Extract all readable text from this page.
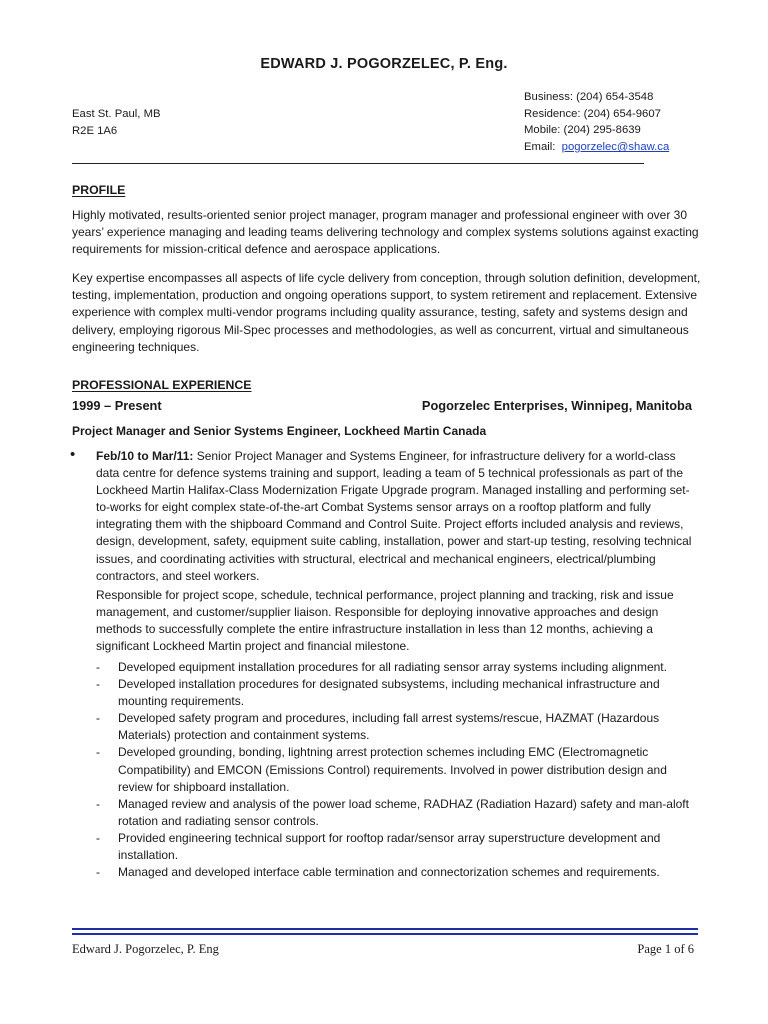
EDWARD J. POGORZELEC, P. Eng.
East St. Paul, MB
R2E 1A6
Business: (204) 654-3548
Residence: (204) 654-9607
Mobile: (204) 295-8639
Email:  pogorzelec@shaw.ca
PROFILE
Highly motivated, results-oriented senior project manager, program manager and professional engineer with over 30 years’ experience managing and leading teams delivering technology and complex systems solutions against exacting requirements for mission-critical defence and aerospace applications.
Key expertise encompasses all aspects of life cycle delivery from conception, through solution definition, development, testing, implementation, production and ongoing operations support, to system retirement and replacement. Extensive experience with complex multi-vendor programs including quality assurance, testing, safety and systems design and delivery, employing rigorous Mil-Spec processes and methodologies, as well as concurrent, virtual and simultaneous engineering techniques.
PROFESSIONAL EXPERIENCE
1999 – Present	Pogorzelec Enterprises, Winnipeg, Manitoba
Project Manager and Senior Systems Engineer, Lockheed Martin Canada
• Feb/10 to Mar/11: Senior Project Manager and Systems Engineer, for infrastructure delivery for a world-class data centre for defence systems training and support, leading a team of 5 technical professionals as part of the Lockheed Martin Halifax-Class Modernization Frigate Upgrade program. Managed installing and performing set-to-works for eight complex state-of-the-art Combat Systems sensor arrays on a rooftop platform and fully integrating them with the shipboard Command and Control Suite. Project efforts included analysis and reviews, design, development, safety, equipment suite cabling, installation, power and start-up testing, resolving technical issues, and coordinating activities with structural, electrical and mechanical engineers, electrical/plumbing contractors, and steel workers.
Responsible for project scope, schedule, technical performance, project planning and tracking, risk and issue management, and customer/supplier liaison. Responsible for deploying innovative approaches and design methods to successfully complete the entire infrastructure installation in less than 12 months, achieving a significant Lockheed Martin project and financial milestone.
- Developed equipment installation procedures for all radiating sensor array systems including alignment.
- Developed installation procedures for designated subsystems, including mechanical infrastructure and mounting requirements.
- Developed safety program and procedures, including fall arrest systems/rescue, HAZMAT (Hazardous Materials) protection and containment systems.
- Developed grounding, bonding, lightning arrest protection schemes including EMC (Electromagnetic Compatibility) and EMCON (Emissions Control) requirements. Involved in power distribution design and review for shipboard installation.
- Managed review and analysis of the power load scheme, RADHAZ (Radiation Hazard) safety and man-aloft rotation and radiating sensor controls.
- Provided engineering technical support for rooftop radar/sensor array superstructure development and installation.
- Managed and developed interface cable termination and connectorization schemes and requirements.
Edward J. Pogorzelec, P. Eng	Page 1 of 6
